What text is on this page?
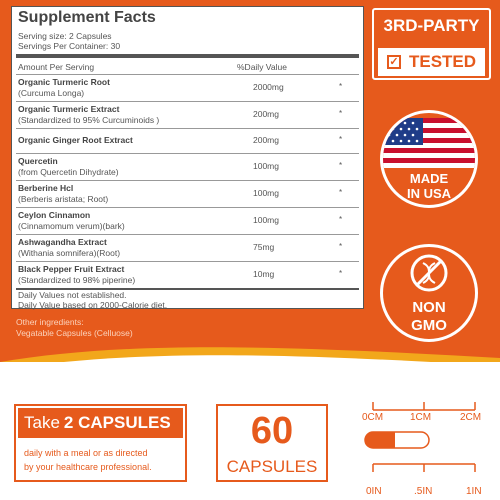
Supplement Facts
Serving size: 2 Capsules
Servings Per Container: 30
Amount Per Serving	%Daily Value
Organic Turmeric Root
(Curcuma Longa)
2000mg	*
Organic Turmeric Extract
(Standardized to 95% Curcuminoids )
200mg	*
Organic Ginger Root Extract	200mg	*
Quercetin
(from Quercetin Dihydrate)
100mg	*
Berberine Hcl
(Berberis aristata; Root)
100mg	*
Ceylon Cinnamon
(Cinnamomum verum)(bark)
100mg	*
Ashwagandha Extract
(Withania somnifera)(Root)
75mg	*
Black Pepper Fruit Extract
(Standardized to 98% piperine)
10mg	*
Daily Values not established.
Daily Value based on 2000-Calorie diet.
Other ingredients:
Vegatable Capsules (Celluose)
3RD-PARTY
✓ TESTED
MADE
IN USA
NON
GMO
Take 2 CAPSULES
daily with a meal or as directed
by your healthcare professional.
60
CAPSULES
0CM	1CM	2CM
0IN	.5IN	1IN
